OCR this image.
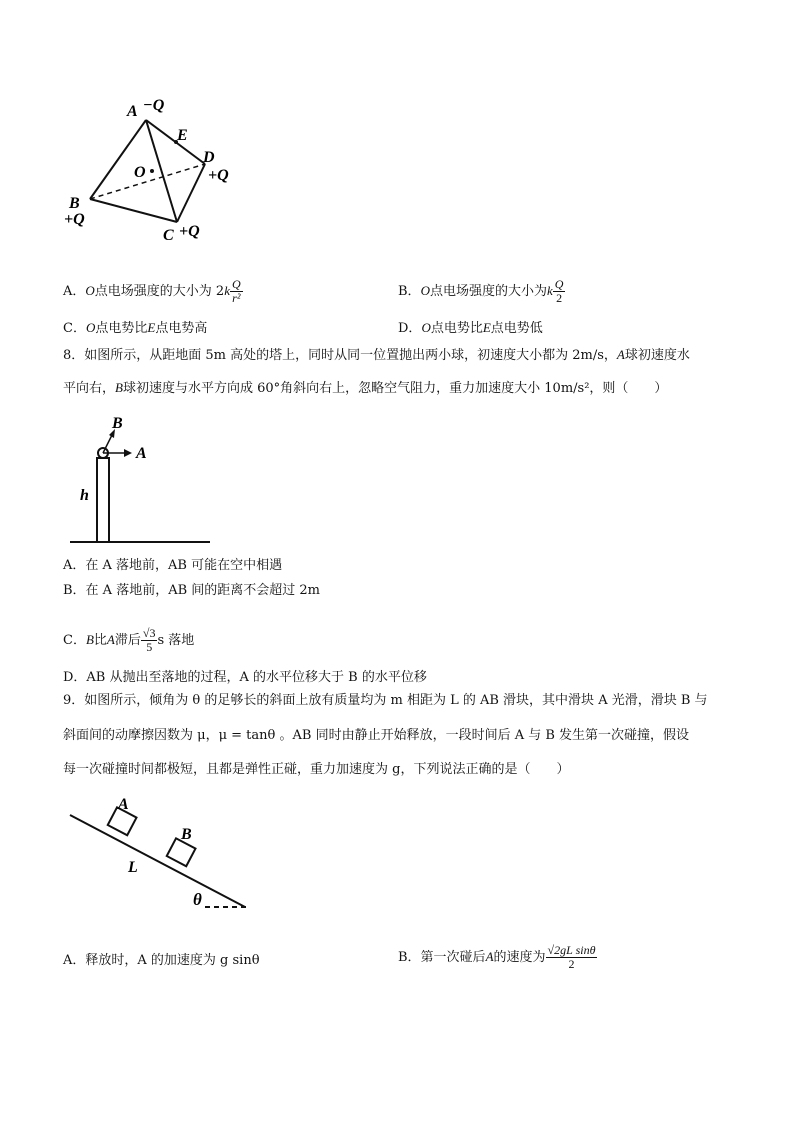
A −Q
E
D
+Q
O
B
+Q
C +Q
A．O点电场强度的大小为 $2k \frac{Q}{\text{r²}}$	B．O点电场强度的大小为k $\frac{Q}{2}$
C．O点电势比E点电势高	D．O点电势比E点电势低
8．如图所示，从距地面 5m 高处的塔上，同时从同一位置抛出两小球，初速度大小都为 2m/s，A球初速度水
平向右，B球初速度与水平方向成 60°角斜向右上，忽略空气阻力，重力加速度大小 10m/s²，则（　　）
B
A
h
A．在 A 落地前，AB 可能在空中相遇
B．在 A 落地前，AB 间的距离不会超过 2m
C．B比A滞后 $\frac{√3}{5}$ s 落地
D．AB 从抛出至落地的过程，A 的水平位移大于 B 的水平位移
9．如图所示，倾角为 θ 的足够长的斜面上放有质量均为 m 相距为 L 的 AB 滑块，其中滑块 A 光滑，滑块 B 与
斜面间的动摩擦因数为 μ，μ = tanθ 。AB 同时由静止开始释放，一段时间后 A 与 B 发生第一次碰撞，假设
每一次碰撞时间都极短，且都是弹性正碰，重力加速度为 g，下列说法正确的是（　　）
A
B
L
θ
A．释放时，A 的加速度为 g sinθ	B．第一次碰后A的速度为 $\frac{\text{√2gL sinθ}}{2}$
